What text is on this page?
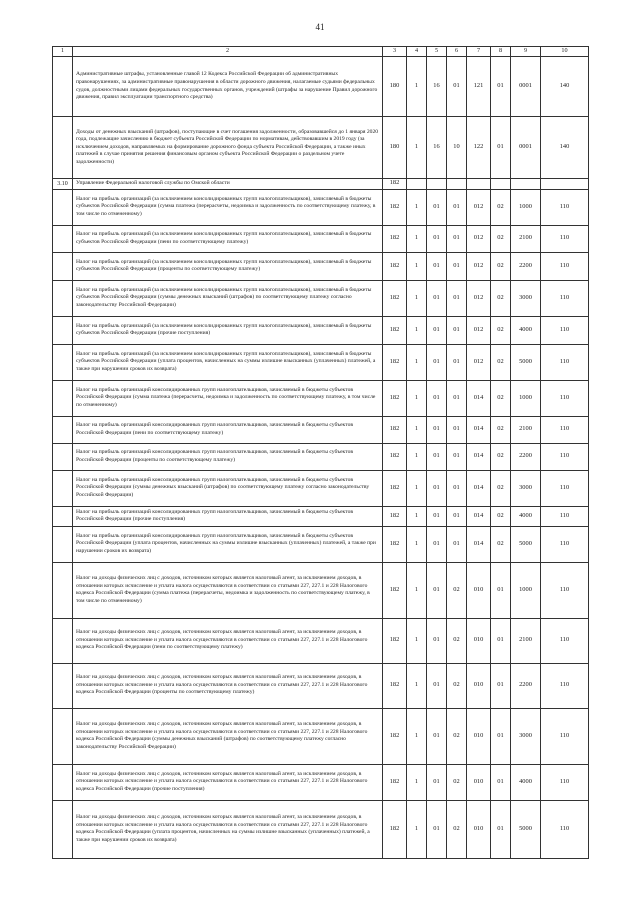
41
1	2	3	4	5	6	7	8	9	10
	Административные штрафы, установленные главой 12 Кодекса Российской Федерации об административных правонарушениях, за административные правонарушения в области дорожного движения, налагаемые судьями федеральных судов, должностными лицами федеральных государственных органов, учреждений (штрафы за нарушение Правил дорожного движения, правил эксплуатации транспортного средства)	180	1	16	01	121	01	0001	140
	Доходы от денежных взысканий (штрафов), поступающие в счет погашения задолженности, образовавшейся до 1 января 2020 года, подлежащие зачислению в бюджет субъекта Российской Федерации по нормативам, действовавшим в 2019 году (за исключением доходов, направляемых на формирование дорожного фонда субъекта Российской Федерации, а также иных платежей в случае принятия решения финансовым органом субъекта Российской Федерации о раздельном учете задолженности)	180	1	16	10	122	01	0001	140
3.10	Управление Федеральной налоговой службы по Омской области	182							
	Налог на прибыль организаций (за исключением консолидированных групп налогоплательщиков), зачисляемый в бюджеты субъектов Российской Федерации (сумма платежа (перерасчеты, недоимка и задолженность по соответствующему платежу, в том числе по отмененному)	182	1	01	01	012	02	1000	110
	Налог на прибыль организаций (за исключением консолидированных групп налогоплательщиков), зачисляемый в бюджеты субъектов Российской Федерации (пени по соответствующему платежу)	182	1	01	01	012	02	2100	110
	Налог на прибыль организаций (за исключением консолидированных групп налогоплательщиков), зачисляемый в бюджеты субъектов Российской Федерации (проценты по соответствующему платежу)	182	1	01	01	012	02	2200	110
	Налог на прибыль организаций (за исключением консолидированных групп налогоплательщиков), зачисляемый в бюджеты субъектов Российской Федерации (суммы денежных взысканий (штрафов) по соответствующему платежу согласно законодательству Российской Федерации)	182	1	01	01	012	02	3000	110
	Налог на прибыль организаций (за исключением консолидированных групп налогоплательщиков), зачисляемый в бюджеты субъектов Российской Федерации (прочие поступления)	182	1	01	01	012	02	4000	110
	Налог на прибыль организаций (за исключением консолидированных групп налогоплательщиков), зачисляемый в бюджеты субъектов Российской Федерации (уплата процентов, начисленных на суммы излишне взысканных (уплаченных) платежей, а также при нарушении сроков их возврата)	182	1	01	01	012	02	5000	110
	Налог на прибыль организаций консолидированных групп налогоплательщиков, зачисляемый в бюджеты субъектов Российской Федерации (сумма платежа (перерасчеты, недоимка и задолженность по соответствующему платежу, в том числе по отмененному)	182	1	01	01	014	02	1000	110
	Налог на прибыль организаций консолидированных групп налогоплательщиков, зачисляемый в бюджеты субъектов Российской Федерации (пени по соответствующему платежу)	182	1	01	01	014	02	2100	110
	Налог на прибыль организаций консолидированных групп налогоплательщиков, зачисляемый в бюджеты субъектов Российской Федерации (проценты по соответствующему платежу)	182	1	01	01	014	02	2200	110
	Налог на прибыль организаций консолидированных групп налогоплательщиков, зачисляемый в бюджеты субъектов Российской Федерации (суммы денежных взысканий (штрафов) по соответствующему платежу согласно законодательству Российской Федерации)	182	1	01	01	014	02	3000	110
	Налог на прибыль организаций консолидированных групп налогоплательщиков, зачисляемый в бюджеты субъектов Российской Федерации (прочие поступления)	182	1	01	01	014	02	4000	110
	Налог на прибыль организаций консолидированных групп налогоплательщиков, зачисляемый в бюджеты субъектов Российской Федерации (уплата процентов, начисленных на суммы излишне взысканных (уплаченных) платежей, а также при нарушении сроков их возврата)	182	1	01	01	014	02	5000	110
	Налог на доходы физических лиц с доходов, источником которых является налоговый агент, за исключением доходов, в отношении которых исчисление и уплата налога осуществляются в соответствии со статьями 227, 227.1 и 228 Налогового кодекса Российской Федерации (сумма платежа (перерасчеты, недоимка и задолженность по соответствующему платежу, в том числе по отмененному)	182	1	01	02	010	01	1000	110
	Налог на доходы физических лиц с доходов, источником которых является налоговый агент, за исключением доходов, в отношении которых исчисление и уплата налога осуществляются в соответствии со статьями 227, 227.1 и 228 Налогового кодекса Российской Федерации (пени по соответствующему платежу)	182	1	01	02	010	01	2100	110
	Налог на доходы физических лиц с доходов, источником которых является налоговый агент, за исключением доходов, в отношении которых исчисление и уплата налога осуществляются в соответствии со статьями 227, 227.1 и 228 Налогового кодекса Российской Федерации (проценты по соответствующему платежу)	182	1	01	02	010	01	2200	110
	Налог на доходы физических лиц с доходов, источником которых является налоговый агент, за исключением доходов, в отношении которых исчисление и уплата налога осуществляются в соответствии со статьями 227, 227.1 и 228 Налогового кодекса Российской Федерации (суммы денежных взысканий (штрафов) по соответствующему платежу согласно законодательству Российской Федерации)	182	1	01	02	010	01	3000	110
	Налог на доходы физических лиц с доходов, источником которых является налоговый агент, за исключением доходов, в отношении которых исчисление и уплата налога осуществляются в соответствии со статьями 227, 227.1 и 228 Налогового кодекса Российской Федерации (прочие поступления)	182	1	01	02	010	01	4000	110
	Налог на доходы физических лиц с доходов, источником которых является налоговый агент, за исключением доходов, в отношении которых исчисление и уплата налога осуществляются в соответствии со статьями 227, 227.1 и 228 Налогового кодекса Российской Федерации (уплата процентов, начисленных на суммы излишне взысканных (уплаченных) платежей, а также при нарушении сроков их возврата)	182	1	01	02	010	01	5000	110
